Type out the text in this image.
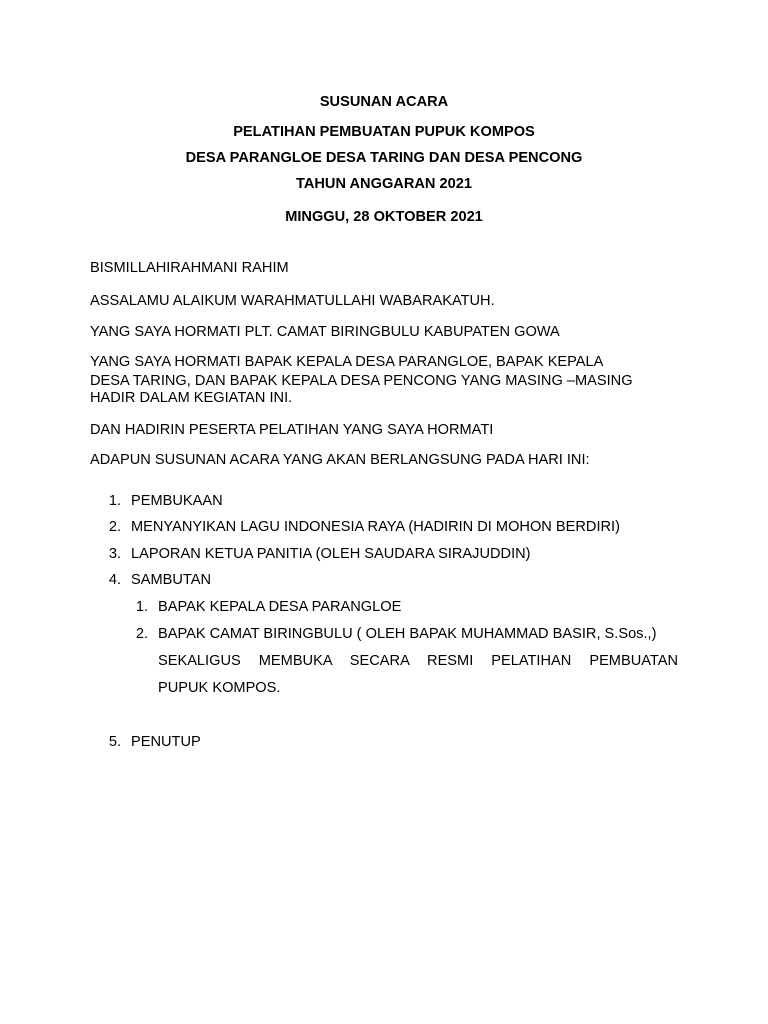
SUSUNAN ACARA
PELATIHAN PEMBUATAN PUPUK KOMPOS
DESA PARANGLOE DESA TARING DAN DESA PENCONG
TAHUN ANGGARAN 2021
MINGGU, 28 OKTOBER 2021
BISMILLAHIRAHMANI RAHIM
ASSALAMU ALAIKUM WARAHMATULLAHI WABARAKATUH.
YANG SAYA HORMATI PLT. CAMAT BIRINGBULU KABUPATEN GOWA
YANG SAYA HORMATI BAPAK KEPALA DESA PARANGLOE, BAPAK KEPALA
DESA TARING, DAN BAPAK KEPALA DESA PENCONG YANG MASING –MASING
HADIR DALAM KEGIATAN INI.
DAN HADIRIN PESERTA PELATIHAN YANG SAYA HORMATI
ADAPUN SUSUNAN ACARA YANG AKAN BERLANGSUNG PADA HARI INI:
1. PEMBUKAAN
2. MENYANYIKAN LAGU INDONESIA RAYA (HADIRIN DI MOHON BERDIRI)
3. LAPORAN KETUA PANITIA (OLEH SAUDARA SIRAJUDDIN)
4. SAMBUTAN
1. BAPAK KEPALA DESA PARANGLOE
2. BAPAK CAMAT BIRINGBULU ( OLEH BAPAK MUHAMMAD BASIR, S.Sos.,)
SEKALIGUS MEMBUKA SECARA RESMI PELATIHAN PEMBUATAN
PUPUK KOMPOS.
5. PENUTUP
